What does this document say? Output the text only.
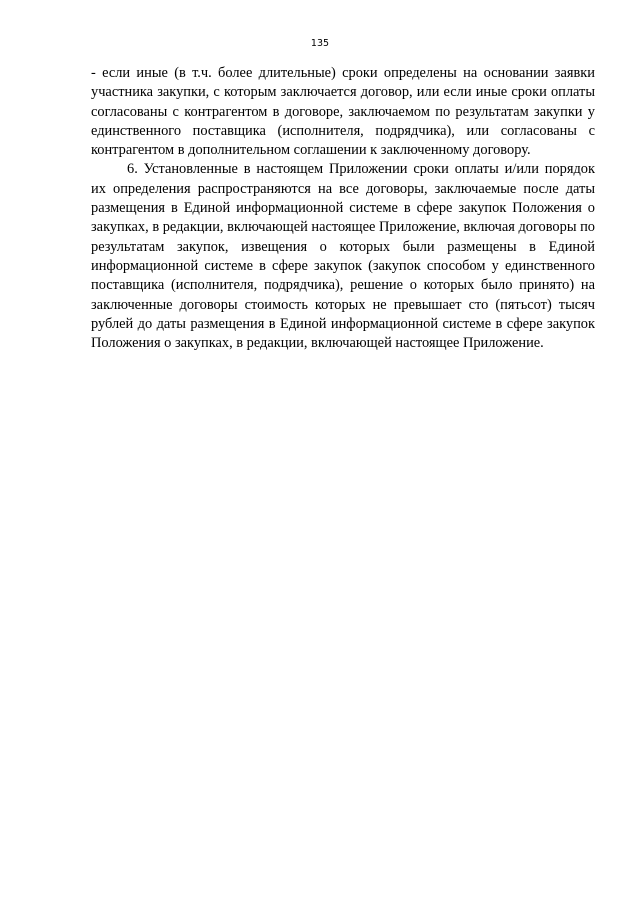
135

- если иные (в т.ч. более длительные) сроки определены на основании заявки участника закупки, с которым заключается договор, или если иные сроки оплаты согласованы с контрагентом в договоре, заключаемом по результатам закупки у единственного поставщика (исполнителя, подрядчика), или согласованы с контрагентом в дополнительном соглашении к заключенному договору.

6. Установленные в настоящем Приложении сроки оплаты и/или порядок их определения распространяются на все договоры, заключаемые после даты размещения в Единой информационной системе в сфере закупок Положения о закупках, в редакции, включающей настоящее Приложение, включая договоры по результатам закупок, извещения о которых были размещены в Единой информационной системе в сфере закупок (закупок способом у единственного поставщика (исполнителя, подрядчика), решение о которых было принято) на заключенные договоры стоимость которых не превышает сто (пятьсот) тысяч рублей до даты размещения в Единой информационной системе в сфере закупок Положения о закупках, в редакции, включающей настоящее Приложение.
